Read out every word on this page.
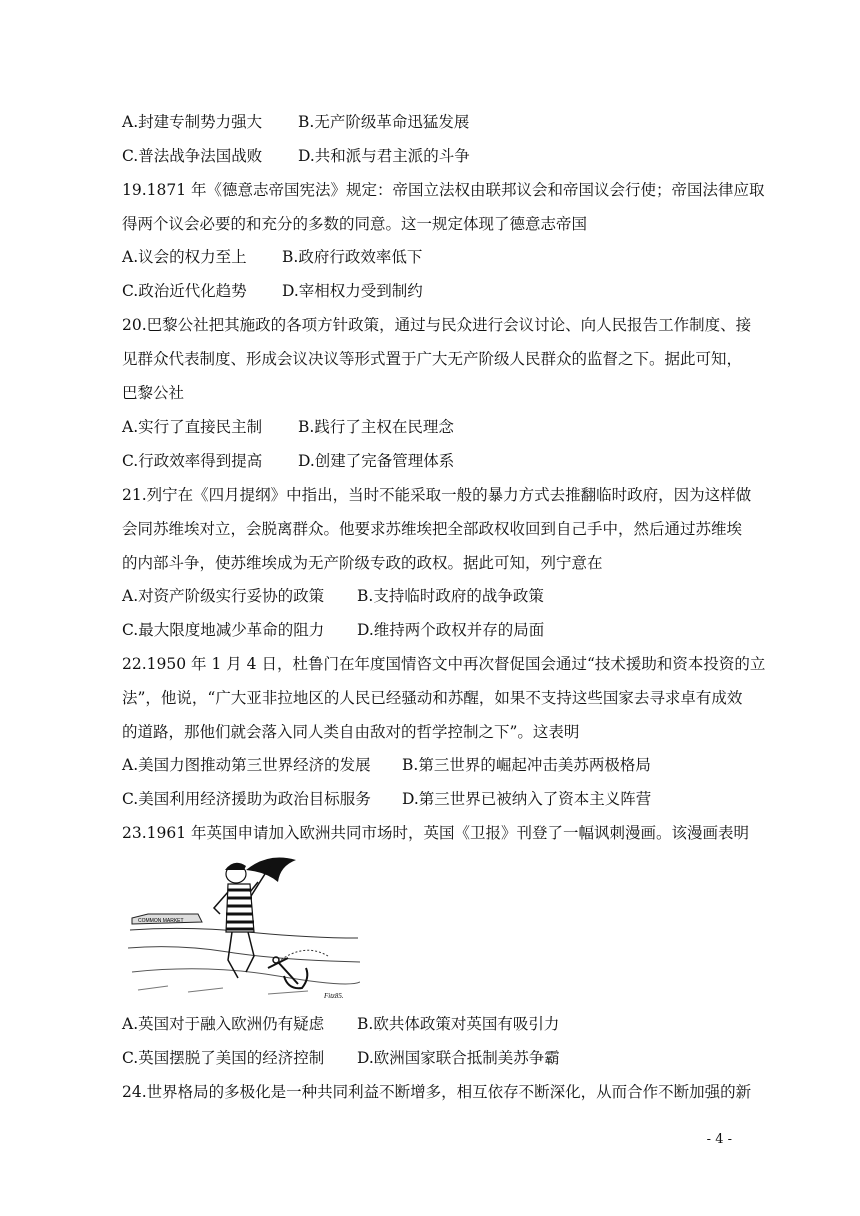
A.封建专制势力强大 B.无产阶级革命迅猛发展
C.普法战争法国战败 D.共和派与君主派的斗争
19.1871 年《德意志帝国宪法》规定：帝国立法权由联邦议会和帝国议会行使；帝国法律应取
得两个议会必要的和充分的多数的同意。这一规定体现了德意志帝国
A.议会的权力至上 B.政府行政效率低下
C.政治近代化趋势 D.宰相权力受到制约
20.巴黎公社把其施政的各项方针政策，通过与民众进行会议讨论、向人民报告工作制度、接
见群众代表制度、形成会议决议等形式置于广大无产阶级人民群众的监督之下。据此可知，
巴黎公社
A.实行了直接民主制 B.践行了主权在民理念
C.行政效率得到提高 D.创建了完备管理体系
21.列宁在《四月提纲》中指出，当时不能采取一般的暴力方式去推翻临时政府，因为这样做
会同苏维埃对立，会脱离群众。他要求苏维埃把全部政权收回到自己手中，然后通过苏维埃
的内部斗争，使苏维埃成为无产阶级专政的政权。据此可知，列宁意在
A.对资产阶级实行妥协的政策 B.支持临时政府的战争政策
C.最大限度地减少革命的阻力 D.维持两个政权并存的局面
22.1950 年 1 月 4 日，杜鲁门在年度国情咨文中再次督促国会通过“技术援助和资本投资的立
法”，他说，“广大亚非拉地区的人民已经骚动和苏醒，如果不支持这些国家去寻求卓有成效
的道路，那他们就会落入同人类自由敌对的哲学控制之下”。这表明
A.美国力图推动第三世界经济的发展 B.第三世界的崛起冲击美苏两极格局
C.美国利用经济援助为政治目标服务 D.第三世界已被纳入了资本主义阵营
23.1961 年英国申请加入欧洲共同市场时，英国《卫报》刊登了一幅讽刺漫画。该漫画表明
COMMON MARKET
Fitz85.
A.英国对于融入欧洲仍有疑虑 B.欧共体政策对英国有吸引力
C.英国摆脱了美国的经济控制 D.欧洲国家联合抵制美苏争霸
24.世界格局的多极化是一种共同利益不断增多，相互依存不断深化，从而合作不断加强的新
- 4 -
